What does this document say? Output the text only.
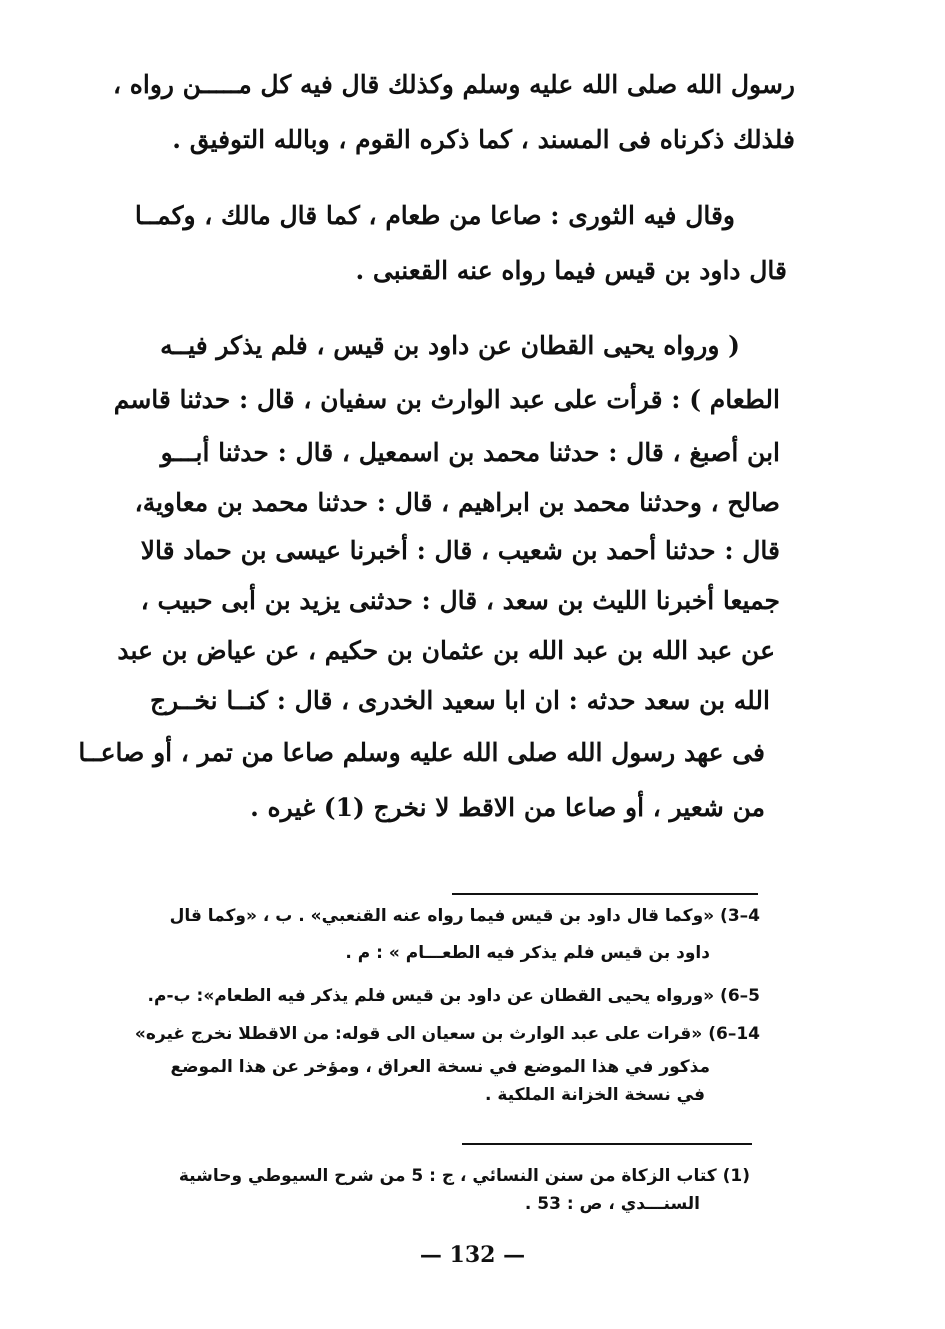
رسول الله صلى الله عليه وسلم وكذلك قال فيه كل مـــــن رواه ،
فلذلك ذكرناه فى المسند ، كما ذكره القوم ، وبالله التوفيق .
وقال فيه الثورى : صاعا من طعام ، كما قال مالك ، وكمــا
قال داود بن قيس فيما رواه عنه القعنبى .
( ورواه يحيى القطان عن داود بن قيس ، فلم يذكر فيــه
الطعام ) : قرأت على عبد الوارث بن سفيان ، قال : حدثنا قاسم
ابن أصبغ ، قال : حدثنا محمد بن اسمعيل ، قال : حدثنا أبـــو
صالح ، وحدثنا محمد بن ابراهيم ، قال : حدثنا محمد بن معاوية،
قال : حدثنا أحمد بن شعيب ، قال : أخبرنا عيسى بن حماد قالا
جميعا أخبرنا الليث بن سعد ، قال : حدثنى يزيد بن أبى حبيب ،
عن عبد الله بن عبد الله بن عثمان بن حكيم ، عن عياض بن عبد
الله بن سعد حدثه : ان ابا سعيد الخدرى ، قال : كنــا نخــرج
فى عهد رسول الله صلى الله عليه وسلم صاعا من تمر ، أو صاعــا
من شعير ، أو صاعا من الاقط لا نخرج (1) غيره .
4–3) «وكما قال داود بن قيس فيما رواه عنه القنعبي» . ب ، «وكما قال
داود بن قيس فلم يذكر فيه الطعـــام » : م .
5–6) «ورواه يحيى القطان عن داود بن قيس فلم يذكر فيه الطعام»: ب-م.
14–6) «قرات على عبد الوارث بن سعيان الى قوله: من الاقطلا نخرج غيره»
مذكور في هذا الموضع في نسخة العراق ، ومؤخر عن هذا الموضع
في نسخة الخزانة الملكية .
(1) كتاب الزكاة من سنن النسائي ، ج : 5 من شرح السيوطي وحاشية
السنـــدي ، ص : 53 .
— 132 —
